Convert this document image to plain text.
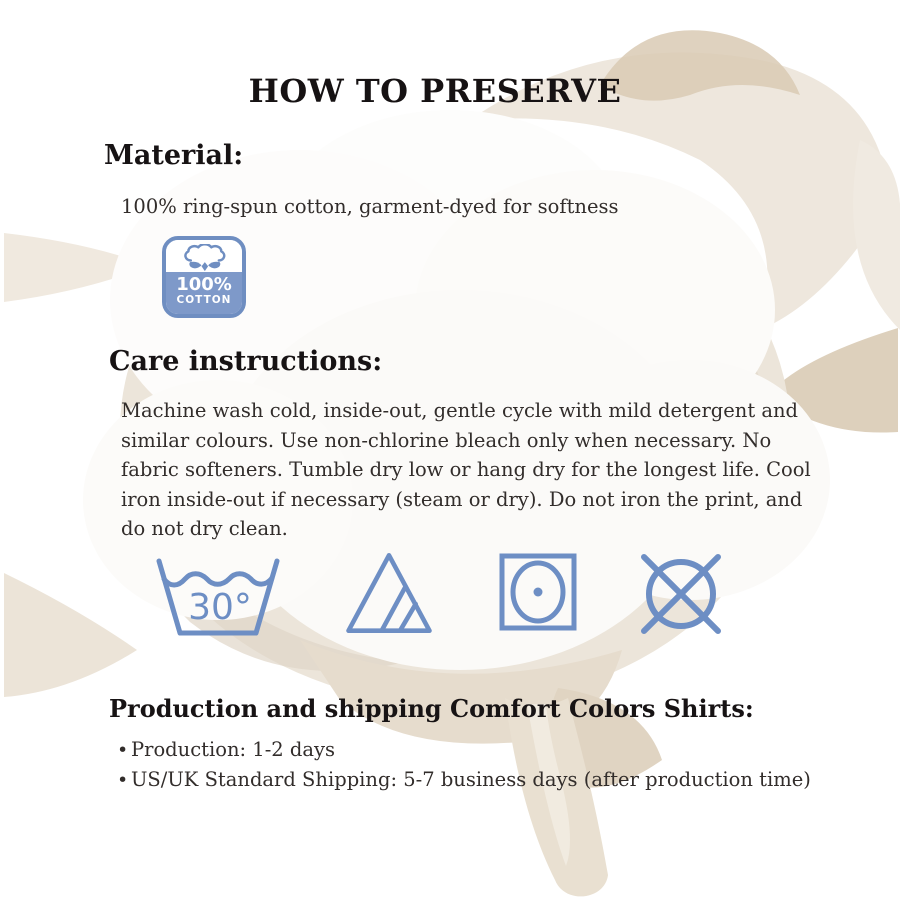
HOW TO PRESERVE
Material:
100% ring-spun cotton, garment-dyed for softness
100%
COTTON
Care instructions:
Machine wash cold, inside-out, gentle cycle with mild detergent and similar colours. Use non-chlorine bleach only when necessary. No fabric softeners. Tumble dry low or hang dry for the longest life. Cool iron inside-out if necessary (steam or dry). Do not iron the print, and do not dry clean.
30°
Production and shipping Comfort Colors Shirts:
• Production: 1-2 days
• US/UK Standard Shipping: 5-7 business days (after production time)
